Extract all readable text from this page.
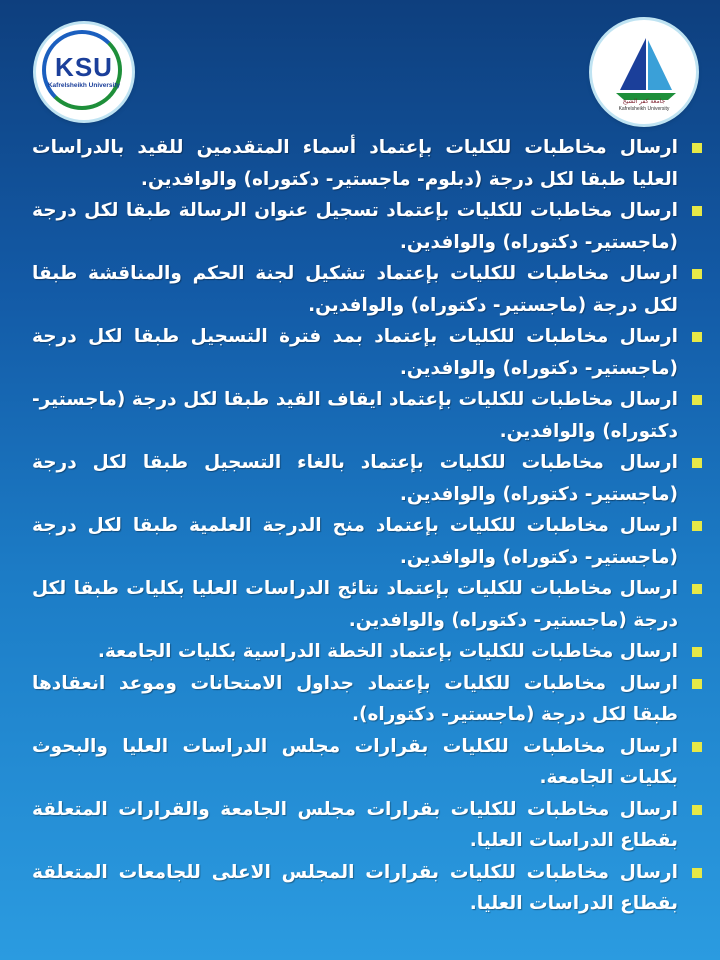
KSU
Kafrelsheikh University
جامعة كفر الشيخ
Kafrelsheikh University
ارسال مخاطبات للكليات بإعتماد أسماء المتقدمين للقيد بالدراسات العليا طبقا لكل درجة (دبلوم- ماجستير- دكتوراه) والوافدين.
ارسال مخاطبات للكليات بإعتماد تسجيل عنوان الرسالة طبقا لكل درجة (ماجستير- دكتوراه) والوافدين.
ارسال مخاطبات للكليات بإعتماد تشكيل لجنة الحكم والمناقشة طبقا لكل درجة (ماجستير- دكتوراه) والوافدين.
ارسال مخاطبات للكليات بإعتماد بمد فترة التسجيل طبقا لكل درجة (ماجستير- دكتوراه) والوافدين.
ارسال مخاطبات للكليات بإعتماد ايقاف القيد طبقا لكل درجة (ماجستير- دكتوراه) والوافدين.
ارسال مخاطبات للكليات بإعتماد بالغاء التسجيل طبقا لكل درجة (ماجستير- دكتوراه) والوافدين.
ارسال مخاطبات للكليات بإعتماد منح الدرجة العلمية طبقا لكل درجة (ماجستير- دكتوراه) والوافدين.
ارسال مخاطبات للكليات بإعتماد نتائج الدراسات العليا بكليات طبقا لكل درجة (ماجستير- دكتوراه) والوافدين.
ارسال مخاطبات للكليات بإعتماد الخطة الدراسية بكليات الجامعة.
ارسال مخاطبات للكليات بإعتماد جداول الامتحانات وموعد انعقادها طبقا لكل درجة (ماجستير- دكتوراه).
ارسال مخاطبات للكليات بقرارات مجلس الدراسات العليا والبحوث بكليات الجامعة.
ارسال مخاطبات للكليات بقرارات مجلس الجامعة والقرارات المتعلقة بقطاع الدراسات العليا.
ارسال مخاطبات للكليات بقرارات المجلس الاعلى للجامعات المتعلقة بقطاع الدراسات العليا.
